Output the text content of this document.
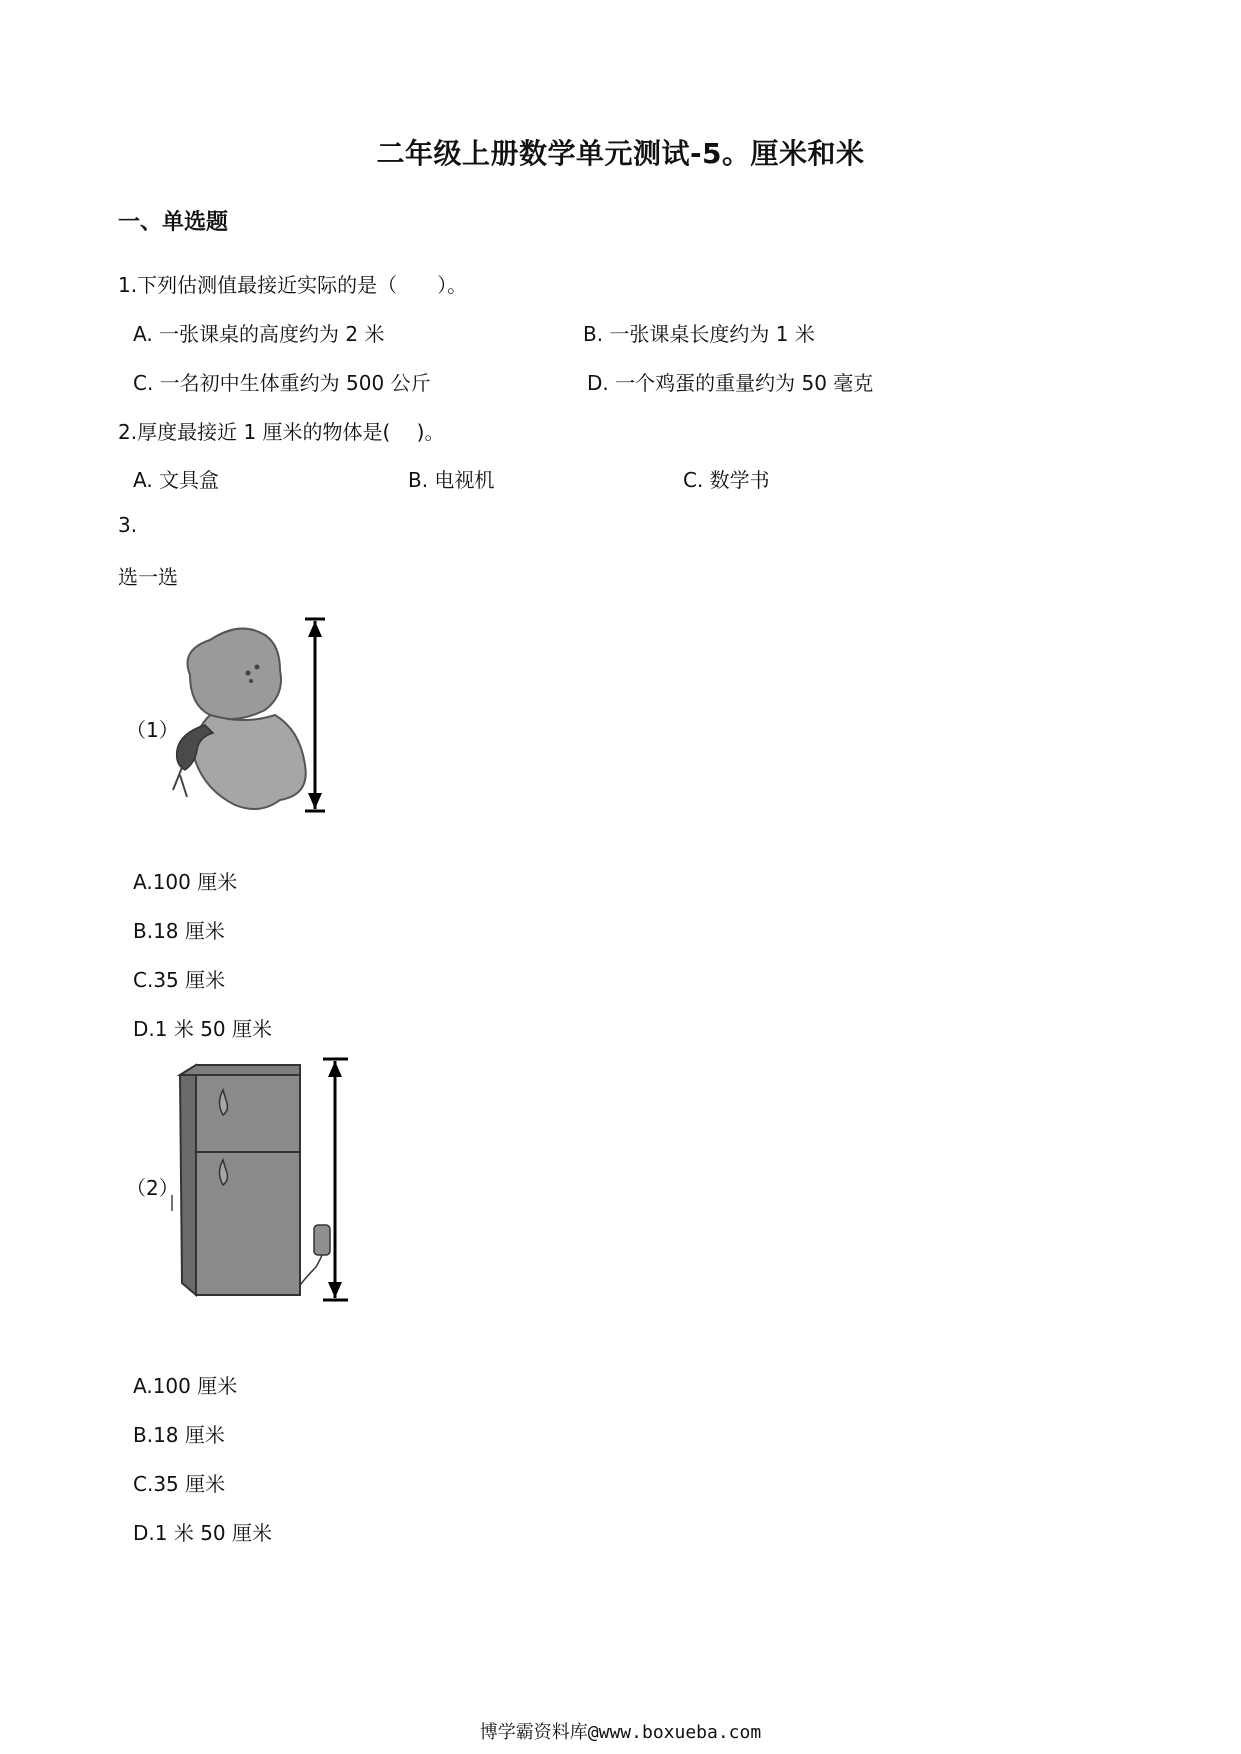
二年级上册数学单元测试-5。厘米和米
一、单选题
1.下列估测值最接近实际的是（　　）。
A. 一张课桌的高度约为 2 米	B. 一张课桌长度约为 1 米
C. 一名初中生体重约为 500 公斤	D. 一个鸡蛋的重量约为 50 毫克
2.厚度最接近 1 厘米的物体是(　 )。
A. 文具盒	B. 电视机	C. 数学书
3.
选一选
（1）
A.100 厘米
B.18 厘米
C.35 厘米
D.1 米 50 厘米
（2）
A.100 厘米
B.18 厘米
C.35 厘米
D.1 米 50 厘米
博学霸资料库@www.boxueba.com
